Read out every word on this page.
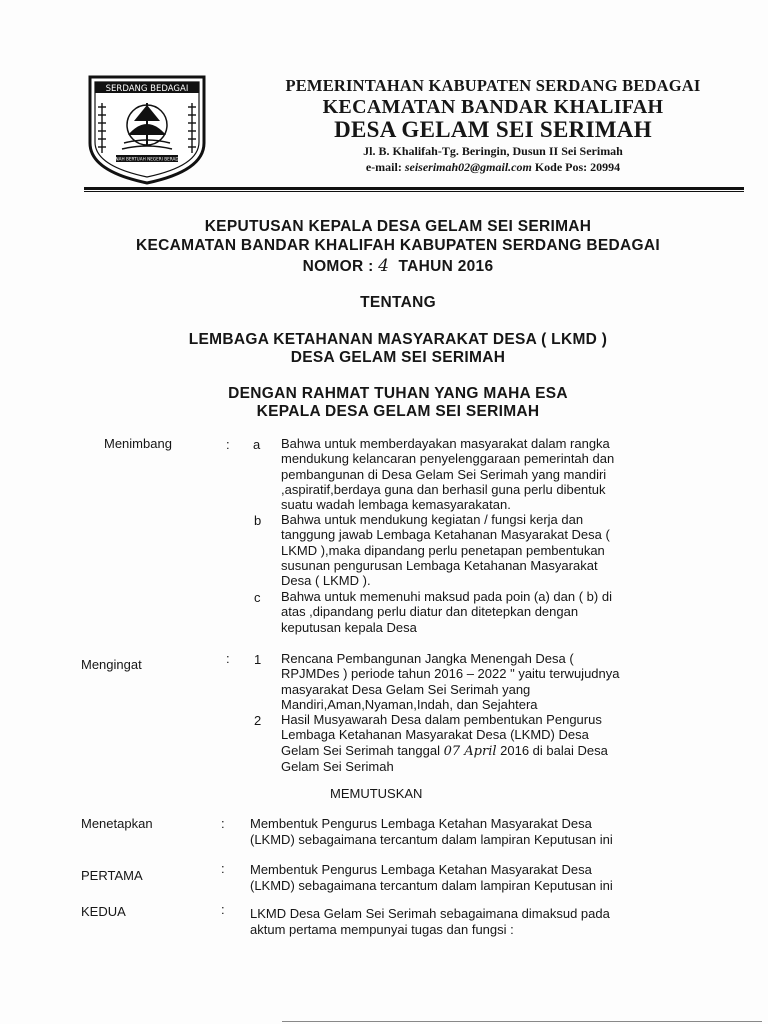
SERDANG BEDAGAI
TANAH BERTUAH NEGERI BERADAT
PEMERINTAHAN KABUPATEN SERDANG BEDAGAI
KECAMATAN BANDAR KHALIFAH
DESA GELAM SEI SERIMAH
Jl. B. Khalifah-Tg. Beringin, Dusun II Sei Serimah
e-mail: seiserimah02@gmail.com Kode Pos: 20994
KEPUTUSAN KEPALA DESA GELAM SEI SERIMAH
KECAMATAN BANDAR KHALIFAH KABUPATEN SERDANG BEDAGAI
NOMOR : 4 TAHUN 2016
TENTANG
LEMBAGA KETAHANAN MASYARAKAT DESA ( LKMD )
DESA GELAM SEI SERIMAH
DENGAN RAHMAT TUHAN YANG MAHA ESA
KEPALA DESA GELAM SEI SERIMAH
Menimbang	: a Bahwa untuk memberdayakan masyarakat dalam rangka
mendukung kelancaran penyelenggaraan pemerintah dan
pembangunan di Desa Gelam Sei Serimah yang mandiri
,aspiratif,berdaya guna dan berhasil guna perlu dibentuk
suatu wadah lembaga kemasyarakatan.
b Bahwa untuk mendukung kegiatan / fungsi kerja dan
tanggung jawab Lembaga Ketahanan Masyarakat Desa (
LKMD ),maka dipandang perlu penetapan pembentukan
susunan pengurusan Lembaga Ketahanan Masyarakat
Desa ( LKMD ).
c Bahwa untuk memenuhi maksud pada poin (a) dan ( b) di
atas ,dipandang perlu diatur dan ditetepkan dengan
keputusan kepala Desa
Mengingat	: 1 Rencana Pembangunan Jangka Menengah Desa (
RPJMDes ) periode tahun 2016 – 2022 " yaitu terwujudnya
masyarakat Desa Gelam Sei Serimah yang
Mandiri,Aman,Nyaman,Indah, dan Sejahtera
2 Hasil Musyawarah Desa dalam pembentukan Pengurus
Lembaga Ketahanan Masyarakat Desa (LKMD) Desa
Gelam Sei Serimah tanggal 07 April 2016 di balai Desa
Gelam Sei Serimah
MEMUTUSKAN
Menetapkan	: Membentuk Pengurus Lembaga Ketahan Masyarakat Desa
(LKMD) sebagaimana tercantum dalam lampiran Keputusan ini
PERTAMA	: Membentuk Pengurus Lembaga Ketahan Masyarakat Desa
(LKMD) sebagaimana tercantum dalam lampiran Keputusan ini
KEDUA	: LKMD Desa Gelam Sei Serimah sebagaimana dimaksud pada
aktum pertama mempunyai tugas dan fungsi :
